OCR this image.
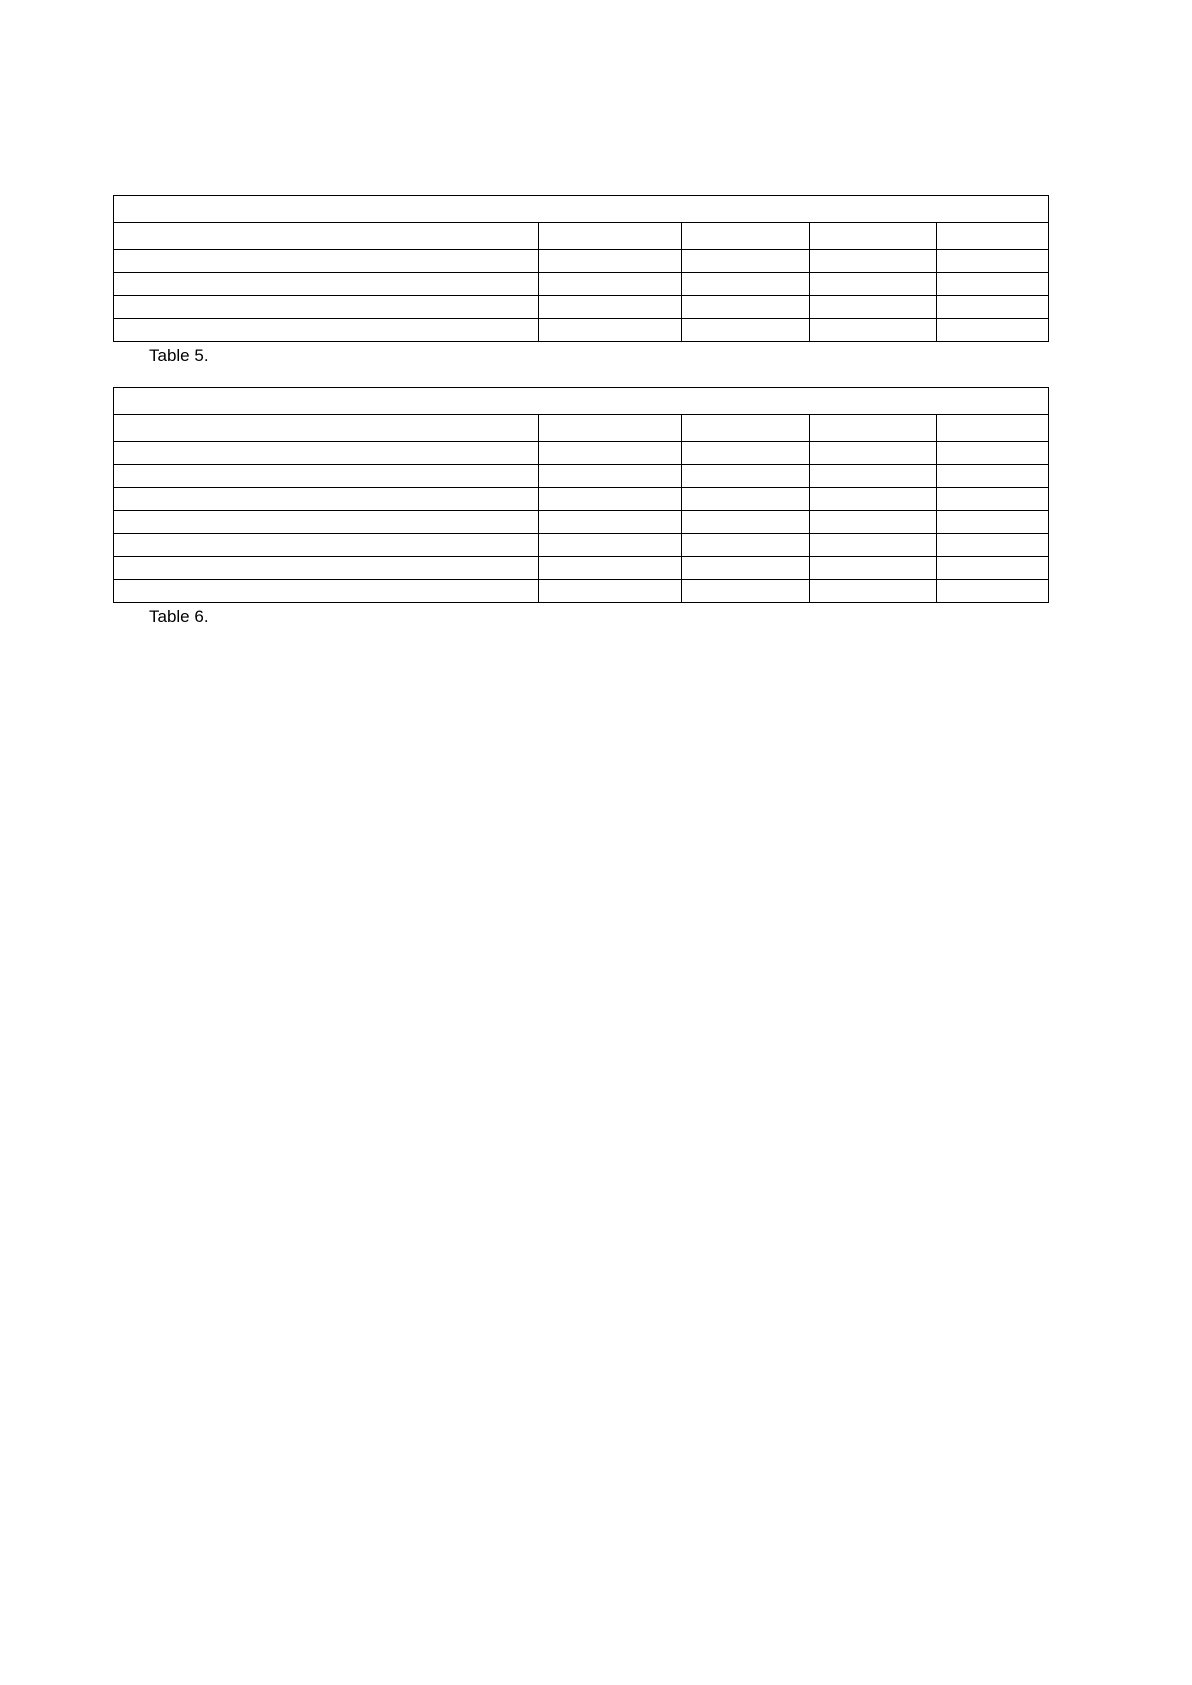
Table 5.

Table 6.
